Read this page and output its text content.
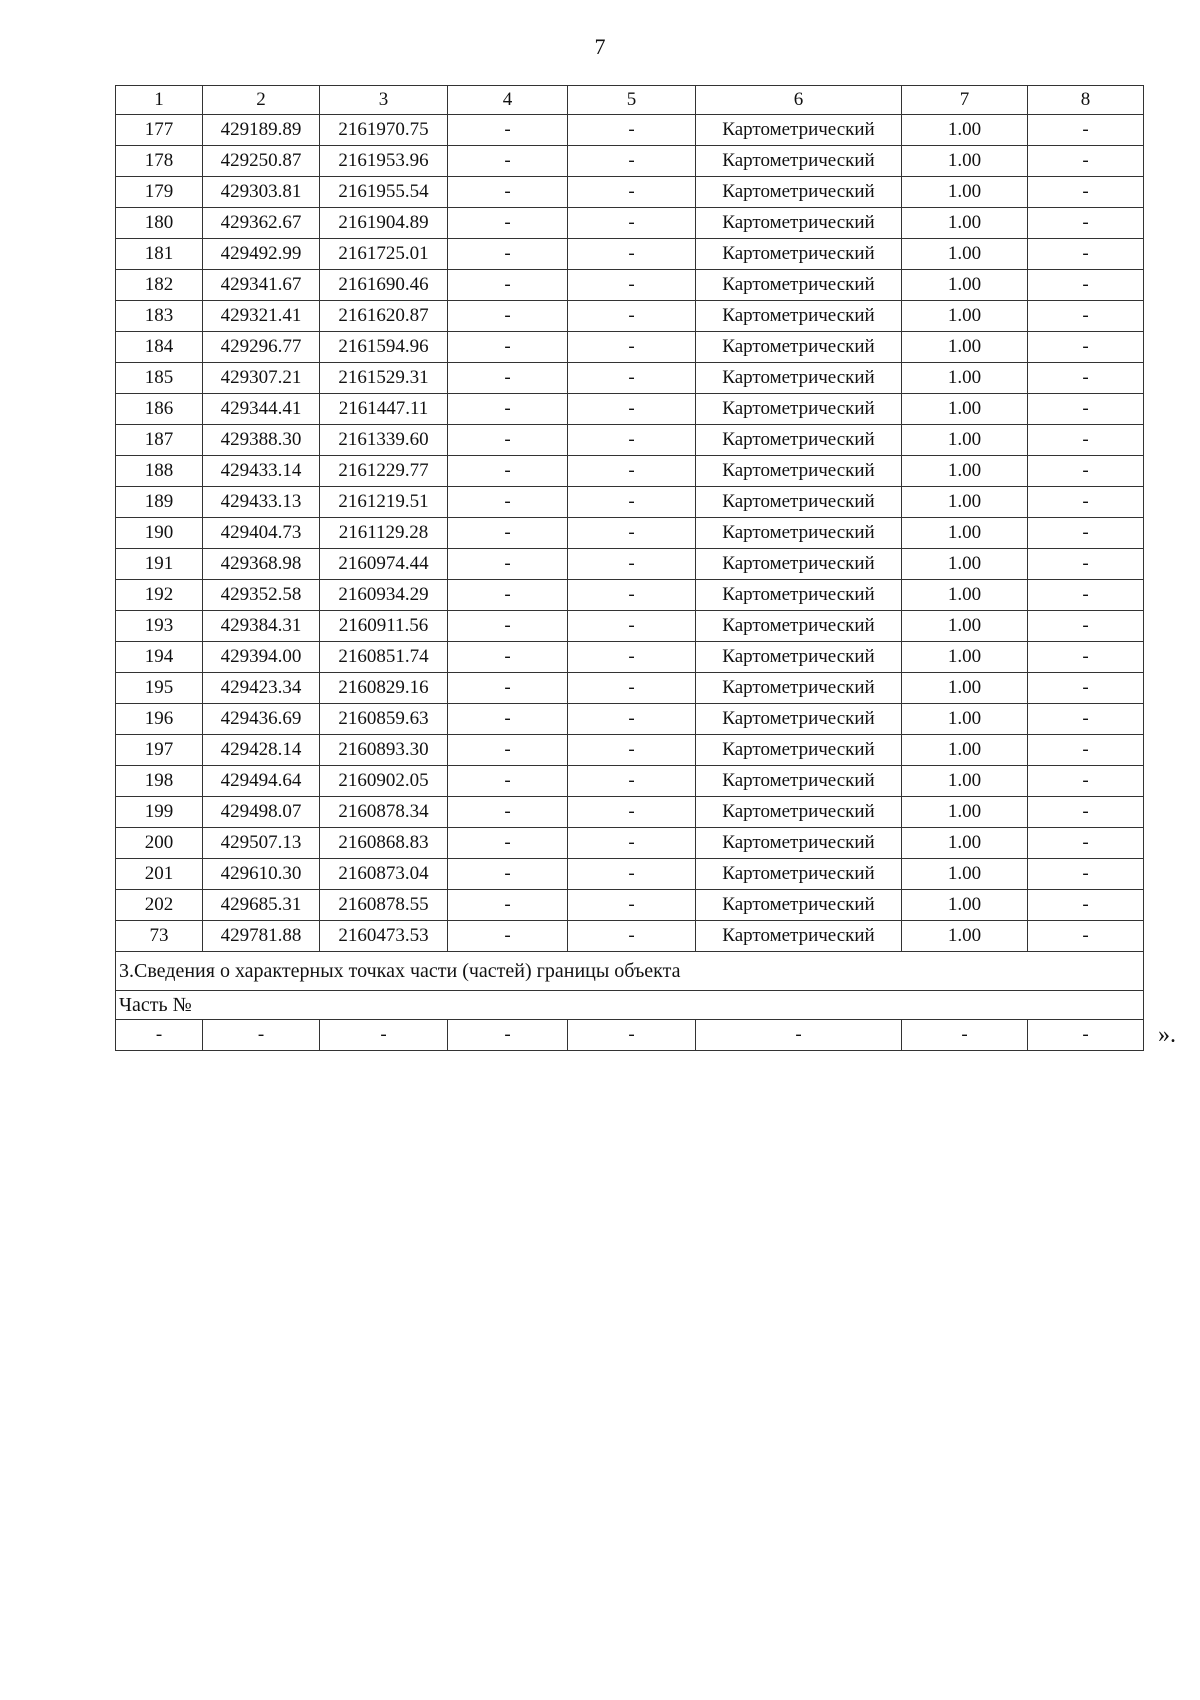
7
1	2	3	4	5	6	7	8
177	429189.89	2161970.75	-	-	Картометрический	1.00	-
178	429250.87	2161953.96	-	-	Картометрический	1.00	-
179	429303.81	2161955.54	-	-	Картометрический	1.00	-
180	429362.67	2161904.89	-	-	Картометрический	1.00	-
181	429492.99	2161725.01	-	-	Картометрический	1.00	-
182	429341.67	2161690.46	-	-	Картометрический	1.00	-
183	429321.41	2161620.87	-	-	Картометрический	1.00	-
184	429296.77	2161594.96	-	-	Картометрический	1.00	-
185	429307.21	2161529.31	-	-	Картометрический	1.00	-
186	429344.41	2161447.11	-	-	Картометрический	1.00	-
187	429388.30	2161339.60	-	-	Картометрический	1.00	-
188	429433.14	2161229.77	-	-	Картометрический	1.00	-
189	429433.13	2161219.51	-	-	Картометрический	1.00	-
190	429404.73	2161129.28	-	-	Картометрический	1.00	-
191	429368.98	2160974.44	-	-	Картометрический	1.00	-
192	429352.58	2160934.29	-	-	Картометрический	1.00	-
193	429384.31	2160911.56	-	-	Картометрический	1.00	-
194	429394.00	2160851.74	-	-	Картометрический	1.00	-
195	429423.34	2160829.16	-	-	Картометрический	1.00	-
196	429436.69	2160859.63	-	-	Картометрический	1.00	-
197	429428.14	2160893.30	-	-	Картометрический	1.00	-
198	429494.64	2160902.05	-	-	Картометрический	1.00	-
199	429498.07	2160878.34	-	-	Картометрический	1.00	-
200	429507.13	2160868.83	-	-	Картометрический	1.00	-
201	429610.30	2160873.04	-	-	Картометрический	1.00	-
202	429685.31	2160878.55	-	-	Картометрический	1.00	-
73	429781.88	2160473.53	-	-	Картометрический	1.00	-
3.Сведения о характерных точках части (частей) границы объекта							
Часть №							
-	-	-	-	-	-	-	-	».
